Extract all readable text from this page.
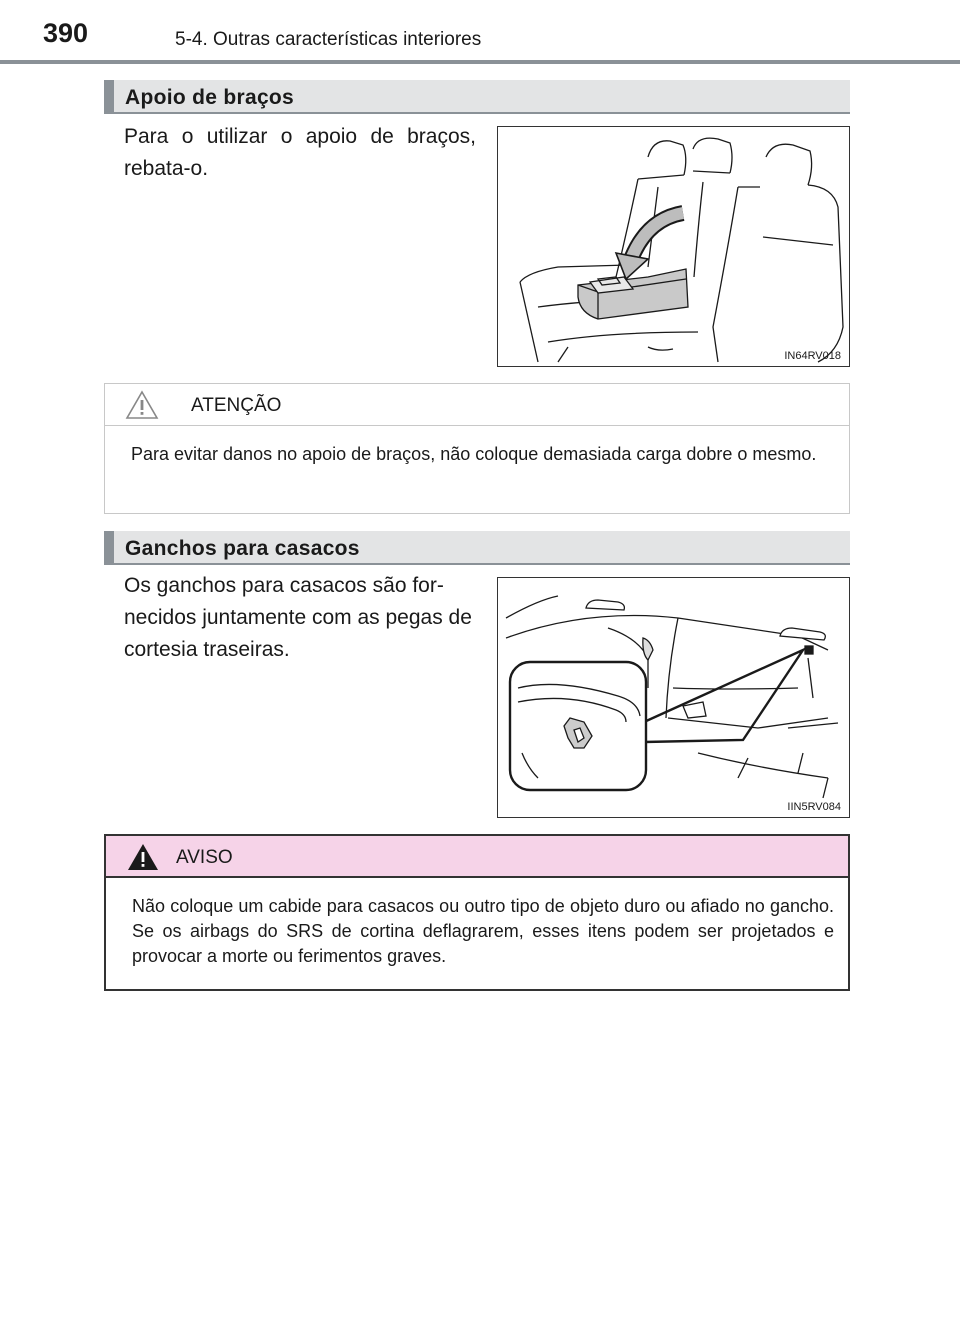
390	5-4. Outras características interiores
Apoio de braços
Para o utilizar o apoio de braços, rebata-o.
IN64RV018
ATENÇÃO
Para evitar danos no apoio de braços, não coloque demasiada carga dobre o mesmo.
Ganchos para casacos
Os ganchos para casacos são for-necidos juntamente com as pegas de cortesia traseiras.
IIN5RV084
AVISO
Não coloque um cabide para casacos ou outro tipo de objeto duro ou afiado no gancho. Se os airbags do SRS de cortina deflagrarem, esses itens podem ser projetados e provocar a morte ou ferimentos graves.
